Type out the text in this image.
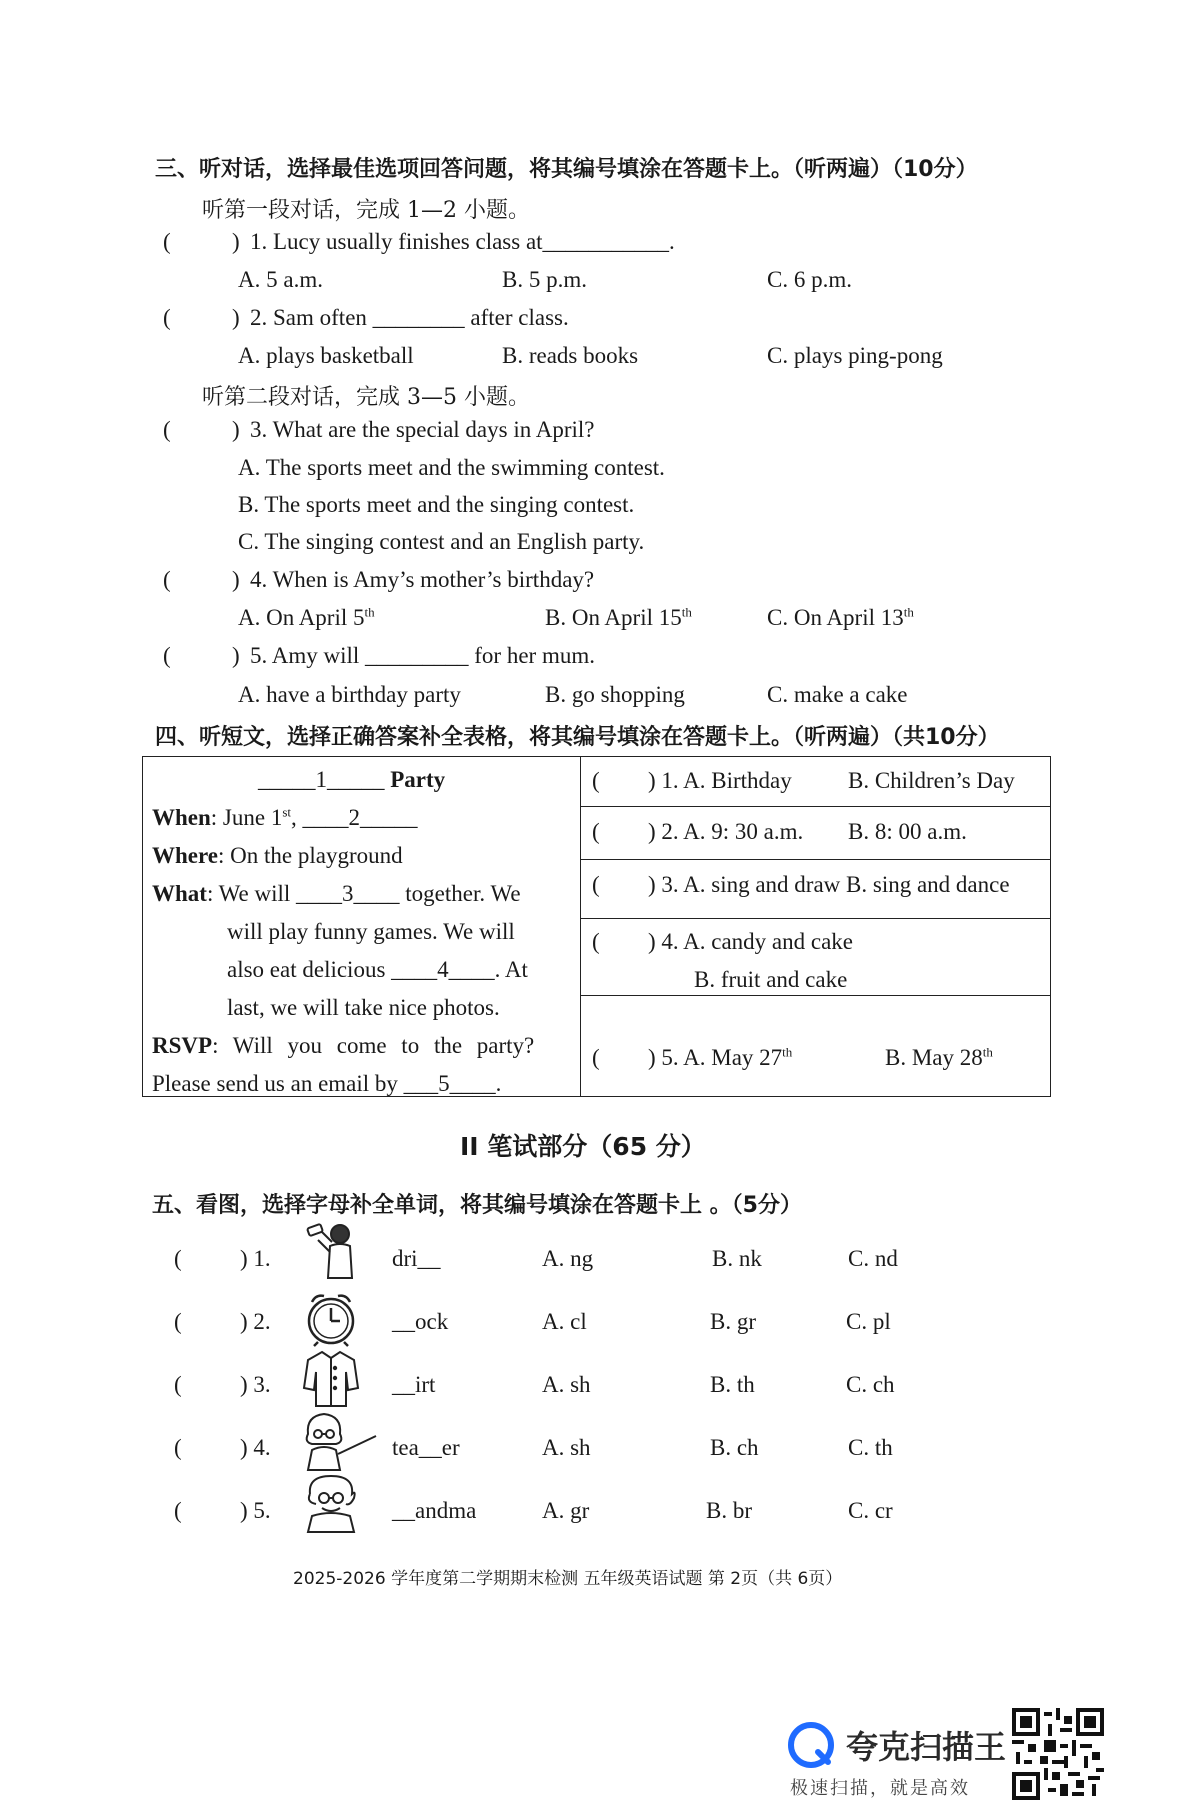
三、听对话，选择最佳选项回答问题，将其编号填涂在答题卡上。（听两遍）（10分）
听第一段对话，完成 1—2 小题。
(	) 1. Lucy usually finishes class at___________.
A. 5 a.m.	B. 5 p.m.	C. 6 p.m.
(	) 2. Sam often ________ after class.
A. plays basketball	B. reads books	C. plays ping-pong
听第二段对话，完成 3—5 小题。
(	) 3. What are the special days in April?
A. The sports meet and the swimming contest.
B. The sports meet and the singing contest.
C. The singing contest and an English party.
(	) 4. When is Amy’s mother’s birthday?
A. On April 5th	B. On April 15th	C. On April 13th
(	) 5. Amy will _________ for her mum.
A. have a birthday party	B. go shopping	C. make a cake
四、听短文，选择正确答案补全表格，将其编号填涂在答题卡上。（听两遍）（共10分）
_____1_____ Party
When: June 1st, ____2_____
Where: On the playground
What: We will ____3____ together. We
will play funny games. We will
also eat delicious ____4____. At
last, we will take nice photos.
RSVP: Will you come to the party?
Please send us an email by ___5____.
( ) 1. A. Birthday B. Children’s Day
( ) 2. A. 9: 30 a.m. B. 8: 00 a.m.
( ) 3. A. sing and draw B. sing and dance
( ) 4. A. candy and cake
B. fruit and cake
( ) 5. A. May 27th	B. May 28th
II 笔试部分（65 分）
五、看图，选择字母补全单词，将其编号填涂在答题卡上 。（5分）
(	) 1.	dri__	A. ng	B. nk	C. nd
(	) 2.	__ock	A. cl	B. gr	C. pl
(	) 3.	__irt	A. sh	B. th	C. ch
(	) 4.	tea__er	A. sh	B. ch	C. th
(	) 5.	__andma	A. gr	B. br	C. cr
2025-2026 学年度第二学期期末检测 五年级英语试题 第 2页（共 6页）
夸克扫描王
极速扫描，就是高效
